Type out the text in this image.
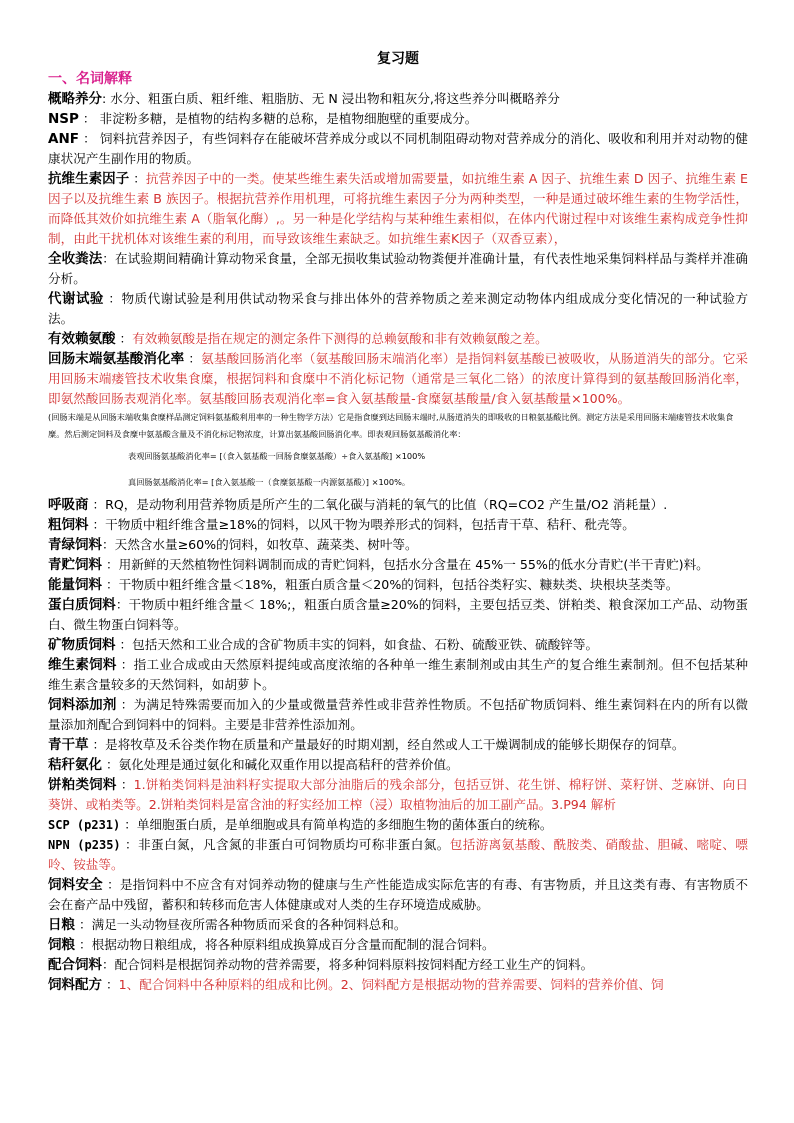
复习题
一、名词解释

概略养分: 水分、粗蛋白质、粗纤维、粗脂肪、无 N 浸出物和粗灰分,将这些养分叫概略养分

NSP ： 非淀粉多糖，是植物的结构多糖的总称，是植物细胞壁的重要成分。

ANF ： 饲料抗营养因子，有些饲料存在能破坏营养成分或以不同机制阻碍动物对营养成分的消化、吸收和利用并对动物的健康状况产生副作用的物质。

抗维生素因子 ：抗营养因子中的一类。使某些维生素失活或增加需要量，如抗维生素 A 因子、抗维生素 D 因子、抗维生素 E 因子以及抗维生素 B 族因子。根据抗营养作用机理，可将抗维生素因子分为两种类型，一种是通过破坏维生素的生物学活性，而降低其效价如抗维生素 A（脂氧化酶）,。另一种是化学结构与某种维生素相似，在体内代谢过程中对该维生素构成竞争性抑制，由此干扰机体对该维生素的利用，而导致该维生素缺乏。如抗维生素K因子（双香豆素），

全收粪法：在试验期间精确计算动物采食量，全部无损收集试验动物粪便并准确计量，有代表性地采集饲料样品与粪样并准确分析。

代谢试验 ：物质代谢试验是利用供试动物采食与排出体外的营养物质之差来测定动物体内组成成分变化情况的一种试验方法。

有效赖氨酸 ：有效赖氨酸是指在规定的测定条件下测得的总赖氨酸和非有效赖氨酸之差。

回肠末端氨基酸消化率 ：氨基酸回肠消化率（氨基酸回肠末端消化率）是指饲料氨基酸已被吸收，从肠道消失的部分。它采用回肠末端瘘管技术收集食糜，根据饲料和食糜中不消化标记物（通常是三氧化二铬）的浓度计算得到的氨基酸回肠消化率，即氨然酸回肠表观消化率。氨基酸回肠表观消化率=食入氨基酸量-食糜氨基酸量/食入氨基酸量×100%。

(回肠末端是从回肠末端收集食糜样品测定饲料氨基酸利用率的一种生物学方法）它是指食糜到达回肠末端时,从肠道消失的即吸收的日粮氨基酸比例。测定方法是采用回肠末端瘘管技术收集食糜。然后测定饲料及食糜中氨基酸含量及不消化标记物浓度，计算出氨基酸回肠消化率。即表观回肠氨基酸消化率：

表观回肠氨基酸消化率= [（食入氨基酸一回肠食糜氨基酸）÷食入氨基酸] ×100%

真回肠氨基酸消化率= [食入氨基酸一（食糜氨基酸一内源氨基酸）] ×100%。

呼吸商 ：RQ，是动物利用营养物质是所产生的二氧化碳与消耗的氧气的比值（RQ=CO2 产生量/O2 消耗量）.

粗饲料 ：干物质中粗纤维含量≥18%的饲料，以风干物为喂养形式的饲料，包括青干草、秸秆、秕壳等。

青绿饲料：天然含水量≥60%的饲料，如牧草、蔬菜类、树叶等。

青贮饲料 ：用新鲜的天然植物性饲料调制而成的青贮饲料，包括水分含量在 45%一 55%的低水分青贮(半干青贮)料。

能量饲料 ：干物质中粗纤维含量＜18%，粗蛋白质含量＜20%的饲料，包括谷类籽实、糠麸类、块根块茎类等。

蛋白质饲料：干物质中粗纤维含量＜ 18%;，粗蛋白质含量≥20%的饲料，主要包括豆类、饼粕类、粮食深加工产品、动物蛋白、微生物蛋白饲料等。

矿物质饲料 ：包括天然和工业合成的含矿物质丰实的饲料，如食盐、石粉、硫酸亚铁、硫酸锌等。

维生素饲料 ：指工业合成或由天然原料提纯或高度浓缩的各种单一维生素制剂或由其生产的复合维生素制剂。但不包括某种维生素含量较多的天然饲料，如胡萝卜。

饲料添加剂 ：为满足特殊需要而加入的少量或微量营养性或非营养性物质。不包括矿物质饲料、维生素饲料在内的所有以微量添加剂配合到饲料中的饲料。主要是非营养性添加剂。

青干草 ：是将牧草及禾谷类作物在质量和产量最好的时期刈割，经自然或人工干燥调制成的能够长期保存的饲草。

秸秆氨化 ：氨化处理是通过氨化和碱化双重作用以提高秸秆的营养价值。

饼粕类饲料 ：1.饼粕类饲料是油料籽实提取大部分油脂后的残余部分，包括豆饼、花生饼、棉籽饼、菜籽饼、芝麻饼、向日葵饼、或粕类等。2.饼粕类饲料是富含油的籽实经加工榨（浸）取植物油后的加工副产品。3.P94 解析

SCP (p231) ：单细胞蛋白质，是单细胞或具有简单构造的多细胞生物的菌体蛋白的统称。

NPN (p235) ：非蛋白氮，凡含氮的非蛋白可饲物质均可称非蛋白氮。包括游离氨基酸、酰胺类、硝酸盐、胆碱、嘧啶、嘌呤、铵盐等。

饲料安全 ：是指饲料中不应含有对饲养动物的健康与生产性能造成实际危害的有毒、有害物质，并且这类有毒、有害物质不会在畜产品中残留，蓄积和转移而危害人体健康或对人类的生存环境造成威胁。

日粮 ：满足一头动物昼夜所需各种物质而采食的各种饲料总和。

饲粮 ：根据动物日粮组成，将各种原料组成换算成百分含量而配制的混合饲料。

配合饲料：配合饲料是根据饲养动物的营养需要，将多种饲料原料按饲料配方经工业生产的饲料。

饲料配方 ：1、配合饲料中各种原料的组成和比例。2、饲料配方是根据动物的营养需要、饲料的营养价值、饲
